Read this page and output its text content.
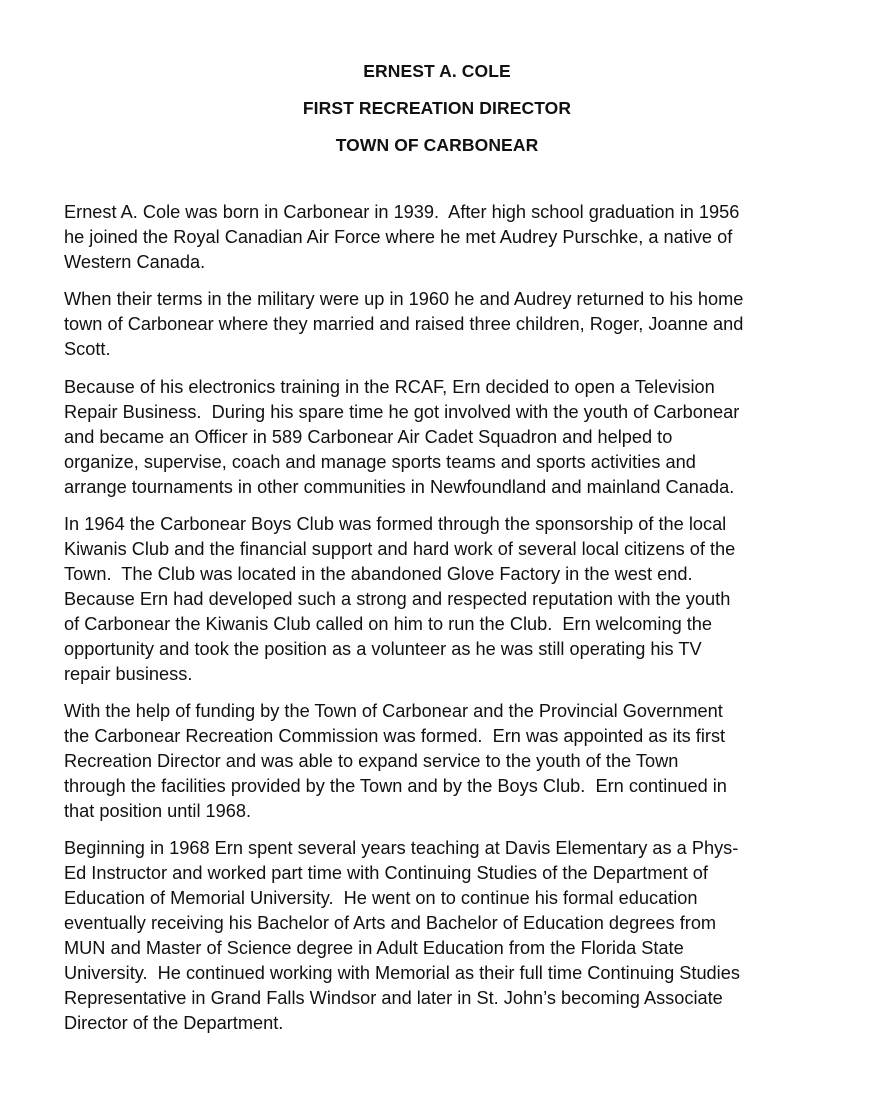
ERNEST A. COLE
FIRST RECREATION DIRECTOR
TOWN OF CARBONEAR
Ernest A. Cole was born in Carbonear in 1939.  After high school graduation in 1956
he joined the Royal Canadian Air Force where he met Audrey Purschke, a native of
Western Canada.
When their terms in the military were up in 1960 he and Audrey returned to his home
town of Carbonear where they married and raised three children, Roger, Joanne and
Scott.
Because of his electronics training in the RCAF, Ern decided to open a Television
Repair Business.  During his spare time he got involved with the youth of Carbonear
and became an Officer in 589 Carbonear Air Cadet Squadron and helped to
organize, supervise, coach and manage sports teams and sports activities and
arrange tournaments in other communities in Newfoundland and mainland Canada.
In 1964 the Carbonear Boys Club was formed through the sponsorship of the local
Kiwanis Club and the financial support and hard work of several local citizens of the
Town.  The Club was located in the abandoned Glove Factory in the west end.
Because Ern had developed such a strong and respected reputation with the youth
of Carbonear the Kiwanis Club called on him to run the Club.  Ern welcoming the
opportunity and took the position as a volunteer as he was still operating his TV
repair business.
With the help of funding by the Town of Carbonear and the Provincial Government
the Carbonear Recreation Commission was formed.  Ern was appointed as its first
Recreation Director and was able to expand service to the youth of the Town
through the facilities provided by the Town and by the Boys Club.  Ern continued in
that position until 1968.
Beginning in 1968 Ern spent several years teaching at Davis Elementary as a Phys-
Ed Instructor and worked part time with Continuing Studies of the Department of
Education of Memorial University.  He went on to continue his formal education
eventually receiving his Bachelor of Arts and Bachelor of Education degrees from
MUN and Master of Science degree in Adult Education from the Florida State
University.  He continued working with Memorial as their full time Continuing Studies
Representative in Grand Falls Windsor and later in St. John’s becoming Associate
Director of the Department.
